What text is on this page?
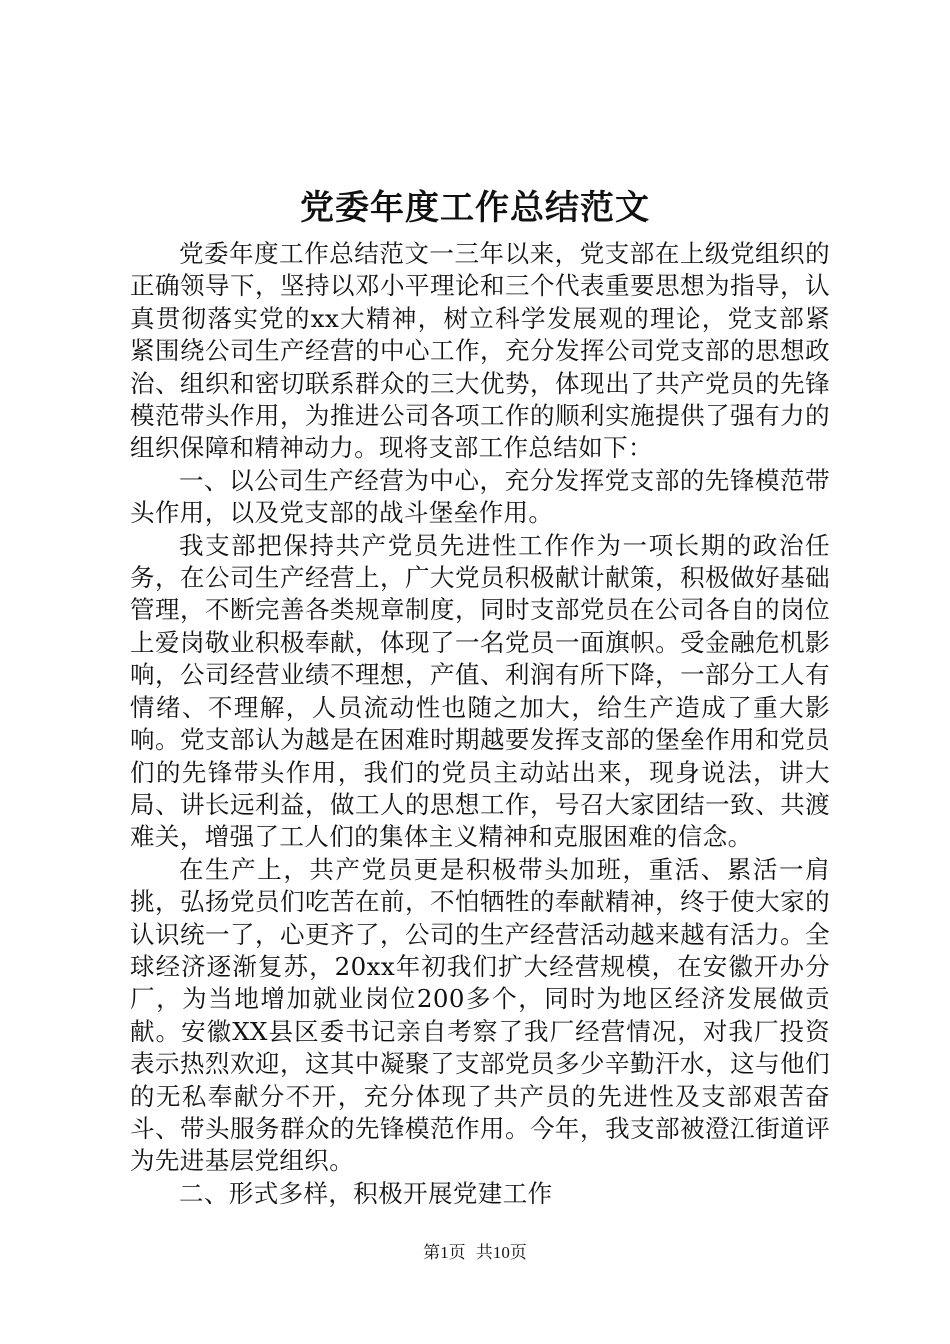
党委年度工作总结范文

党委年度工作总结范文一三年以来，党支部在上级党组织的正确领导下，坚持以邓小平理论和三个代表重要思想为指导，认真贯彻落实党的xx大精神，树立科学发展观的理论，党支部紧紧围绕公司生产经营的中心工作，充分发挥公司党支部的思想政治、组织和密切联系群众的三大优势，体现出了共产党员的先锋模范带头作用，为推进公司各项工作的顺利实施提供了强有力的组织保障和精神动力。现将支部工作总结如下：

一、以公司生产经营为中心，充分发挥党支部的先锋模范带头作用，以及党支部的战斗堡垒作用。

我支部把保持共产党员先进性工作作为一项长期的政治任务，在公司生产经营上，广大党员积极献计献策，积极做好基础管理，不断完善各类规章制度，同时支部党员在公司各自的岗位上爱岗敬业积极奉献，体现了一名党员一面旗帜。受金融危机影响，公司经营业绩不理想，产值、利润有所下降，一部分工人有情绪、不理解，人员流动性也随之加大，给生产造成了重大影响。党支部认为越是在困难时期越要发挥支部的堡垒作用和党员们的先锋带头作用，我们的党员主动站出来，现身说法，讲大局、讲长远利益，做工人的思想工作，号召大家团结一致、共渡难关，增强了工人们的集体主义精神和克服困难的信念。

在生产上，共产党员更是积极带头加班，重活、累活一肩挑，弘扬党员们吃苦在前，不怕牺牲的奉献精神，终于使大家的认识统一了，心更齐了，公司的生产经营活动越来越有活力。全球经济逐渐复苏，20xx年初我们扩大经营规模，在安徽开办分厂，为当地增加就业岗位200多个，同时为地区经济发展做贡献。安徽XX县区委书记亲自考察了我厂经营情况，对我厂投资表示热烈欢迎，这其中凝聚了支部党员多少辛勤汗水，这与他们的无私奉献分不开，充分体现了共产员的先进性及支部艰苦奋斗、带头服务群众的先锋模范作用。今年，我支部被澄江街道评为先进基层党组织。

二、形式多样，积极开展党建工作

第1页 共10页
